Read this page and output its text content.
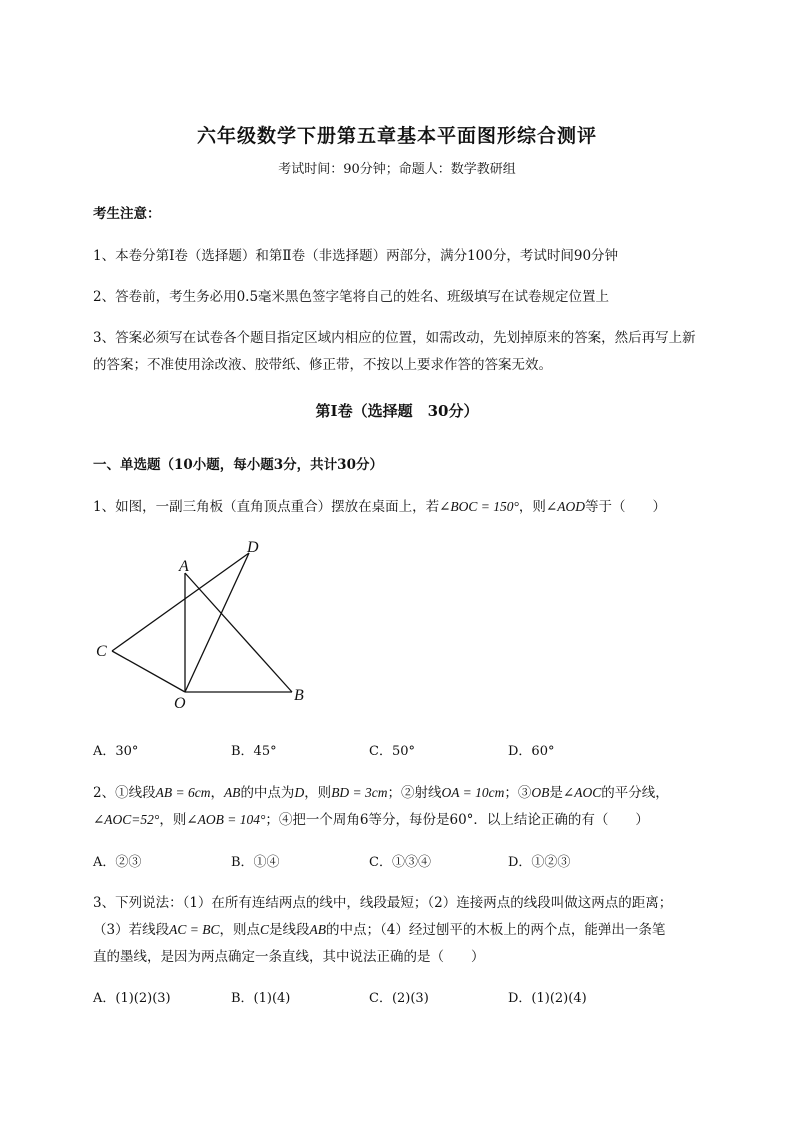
六年级数学下册第五章基本平面图形综合测评
考试时间：90分钟；命题人：数学教研组
考生注意：
1、本卷分第I卷（选择题）和第Ⅱ卷（非选择题）两部分，满分100分，考试时间90分钟
2、答卷前，考生务必用0.5毫米黑色签字笔将自己的姓名、班级填写在试卷规定位置上
3、答案必须写在试卷各个题目指定区域内相应的位置，如需改动，先划掉原来的答案，然后再写上新
的答案；不准使用涂改液、胶带纸、修正带，不按以上要求作答的答案无效。
第I卷（选择题　30分）
一、单选题（10小题，每小题3分，共计30分）
1、如图，一副三角板（直角顶点重合）摆放在桌面上，若∠BOC = 150°，则∠AOD等于（　　）
A
D
C
O	B
A．30°	B．45°	C．50°	D．60°
2、①线段AB = 6cm，AB的中点为D，则BD = 3cm；②射线OA = 10cm；③OB是∠AOC的平分线，
∠AOC=52°，则∠AOB = 104°；④把一个周角6等分，每份是60°．以上结论正确的有（　　）
A．②③	B．①④	C．①③④	D．①②③
3、下列说法：（1）在所有连结两点的线中，线段最短；（2）连接两点的线段叫做这两点的距离；
（3）若线段AC = BC，则点C是线段AB的中点；（4）经过刨平的木板上的两个点，能弹出一条笔
直的墨线，是因为两点确定一条直线，其中说法正确的是（　　）
A．(1)(2)(3)	B．(1)(4)	C．(2)(3)	D．(1)(2)(4)
